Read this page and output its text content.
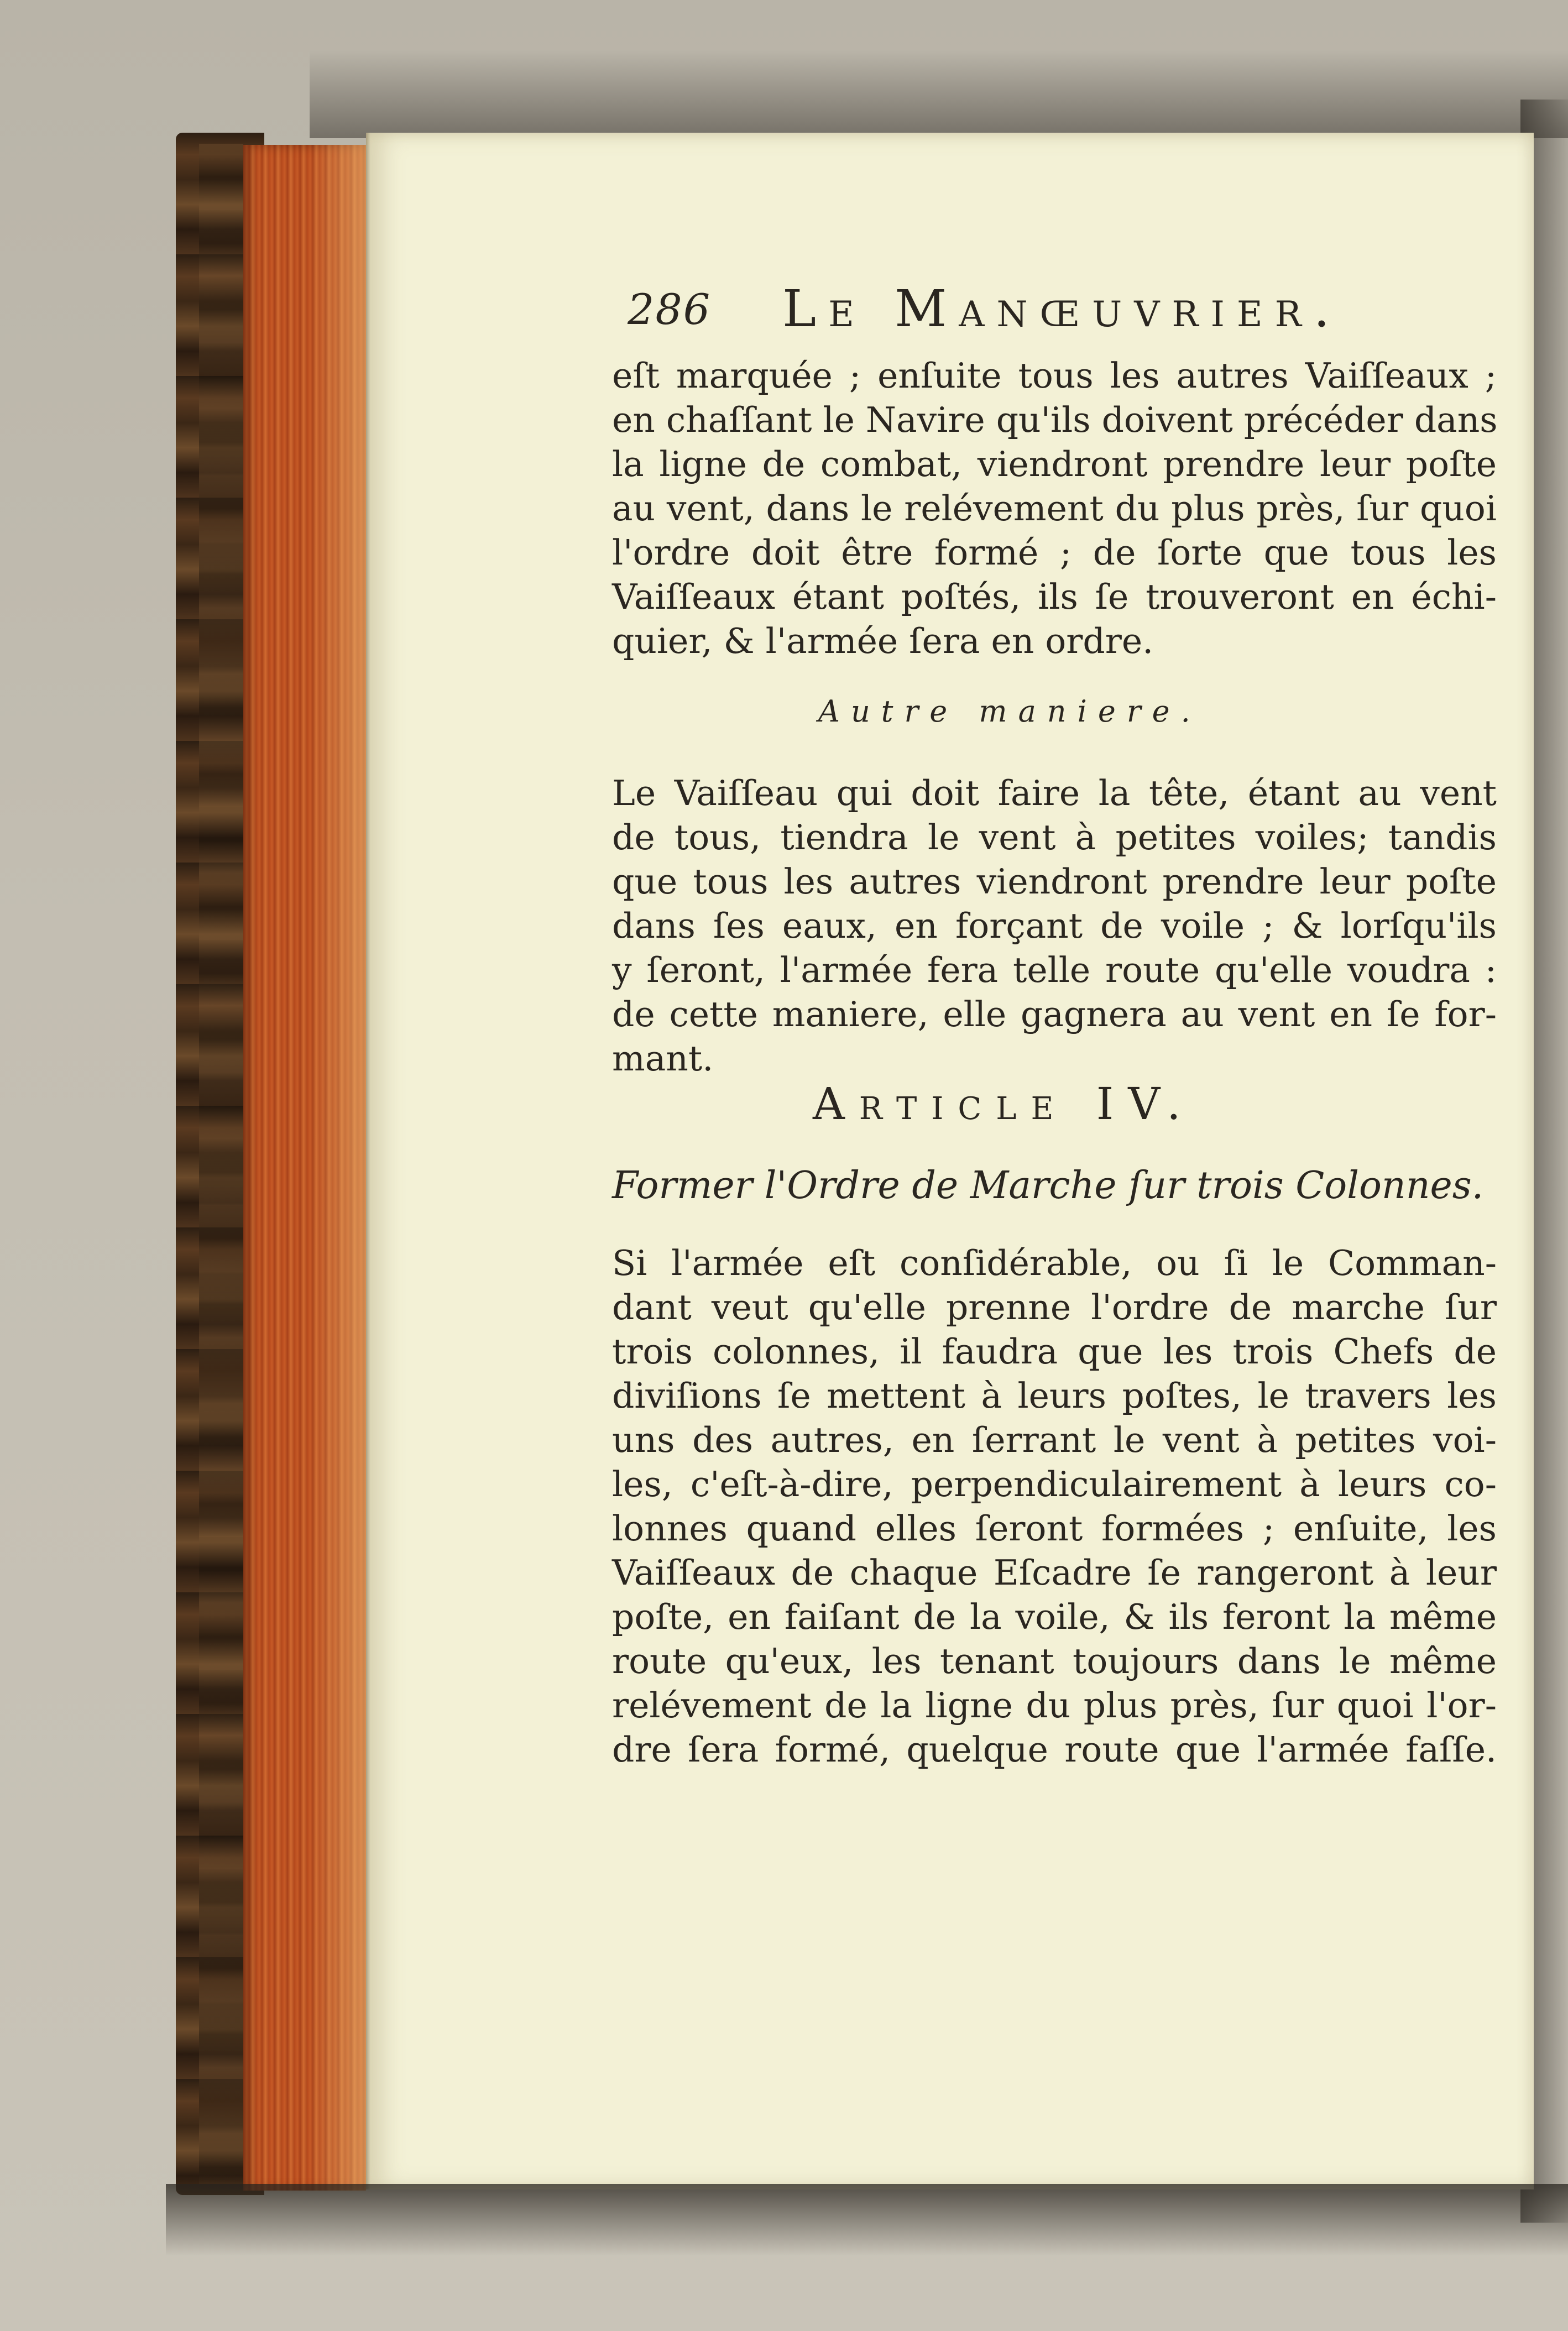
286 Le Manœuvrier.
eſt marquée ; enſuite tous les autres Vaiſſeaux ;
en chaſſant le Navire qu'ils doivent précéder dans
la ligne de combat, viendront prendre leur poſte
au vent, dans le relévement du plus près, ſur quoi
l'ordre doit être formé ; de ſorte que tous les
Vaiſſeaux étant poſtés, ils ſe trouveront en échi-
quier, & l'armée ſera en ordre.
Autre maniere.
Le Vaiſſeau qui doit faire la tête, étant au vent
de tous, tiendra le vent à petites voiles; tandis
que tous les autres viendront prendre leur poſte
dans ſes eaux, en forçant de voile ; & lorſqu'ils
y ſeront, l'armée fera telle route qu'elle voudra :
de cette maniere, elle gagnera au vent en ſe for-
mant.
Article IV.
Former l'Ordre de Marche ſur trois Colonnes.
Si l'armée eſt conſidérable, ou ſi le Comman-
dant veut qu'elle prenne l'ordre de marche ſur
trois colonnes, il faudra que les trois Chefs de
diviſions ſe mettent à leurs poſtes, le travers les
uns des autres, en ſerrant le vent à petites voi-
les, c'eſt-à-dire, perpendiculairement à leurs co-
lonnes quand elles ſeront formées ; enſuite, les
Vaiſſeaux de chaque Eſcadre ſe rangeront à leur
poſte, en faiſant de la voile, & ils feront la même
route qu'eux, les tenant toujours dans le même
relévement de la ligne du plus près, ſur quoi l'or-
dre ſera formé, quelque route que l'armée faſſe.
